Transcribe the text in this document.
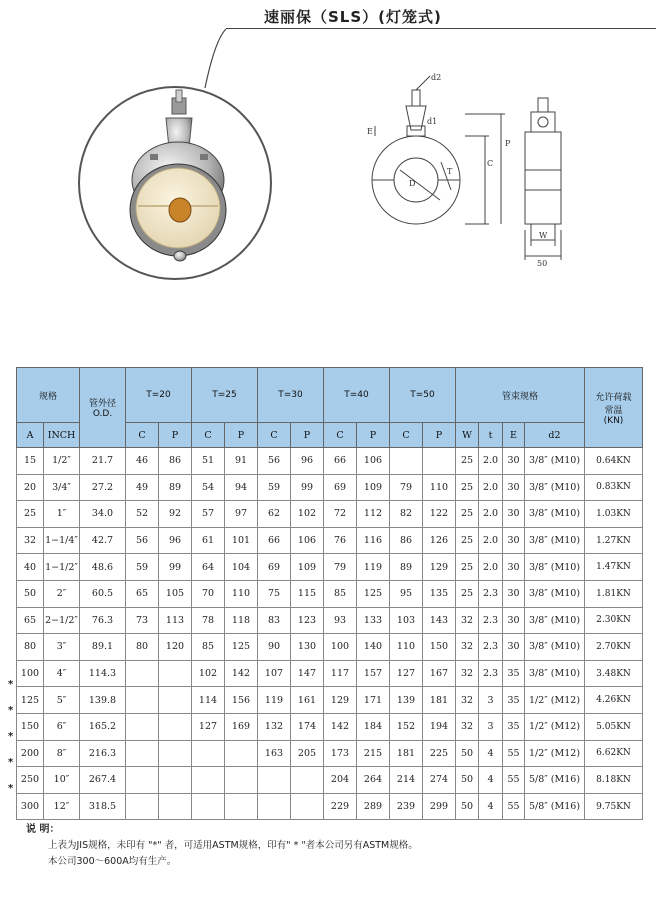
速丽保（SLS）(灯笼式)
d2
d1
E
P
C
D
T
W
50
规格		管外径
O.D.	T=20		T=25		T=30		T=40		T=50		管束规格				允许荷载
常温
(KN)
A	INCH		C	P	C	P	C	P	C	P	C	P	W	t	E	d2	
15	1/2″	21.7	46	86	51	91	56	96	66	106			25	2.0	30	3/8″ (M10)	0.64KN
20	3/4″	27.2	49	89	54	94	59	99	69	109	79	110	25	2.0	30	3/8″ (M10)	0.83KN
25	1″	34.0	52	92	57	97	62	102	72	112	82	122	25	2.0	30	3/8″ (M10)	1.03KN
32	1−1/4″	42.7	56	96	61	101	66	106	76	116	86	126	25	2.0	30	3/8″ (M10)	1.27KN
40	1−1/2″	48.6	59	99	64	104	69	109	79	119	89	129	25	2.0	30	3/8″ (M10)	1.47KN
50	2″	60.5	65	105	70	110	75	115	85	125	95	135	25	2.3	30	3/8″ (M10)	1.81KN
65	2−1/2″	76.3	73	113	78	118	83	123	93	133	103	143	32	2.3	30	3/8″ (M10)	2.30KN
80	3″	89.1	80	120	85	125	90	130	100	140	110	150	32	2.3	30	3/8″ (M10)	2.70KN
100	4″	114.3			102	142	107	147	117	157	127	167	32	2.3	35	3/8″ (M10)	3.48KN
125	5″	139.8			114	156	119	161	129	171	139	181	32	3	35	1/2″ (M12)	4.26KN
150	6″	165.2			127	169	132	174	142	184	152	194	32	3	35	1/2″ (M12)	5.05KN
200	8″	216.3					163	205	173	215	181	225	50	4	55	1/2″ (M12)	6.62KN
250	10″	267.4							204	264	214	274	50	4	55	5/8″ (M16)	8.18KN
300	12″	318.5							229	289	239	299	50	4	55	5/8″ (M16)	9.75KN
*
*
*
*
*
说 明：
上表为JIS规格，未印有 "*" 者，可适用ASTM规格，印有" * "者本公司另有ASTM规格。
本公司300～600A均有生产。
